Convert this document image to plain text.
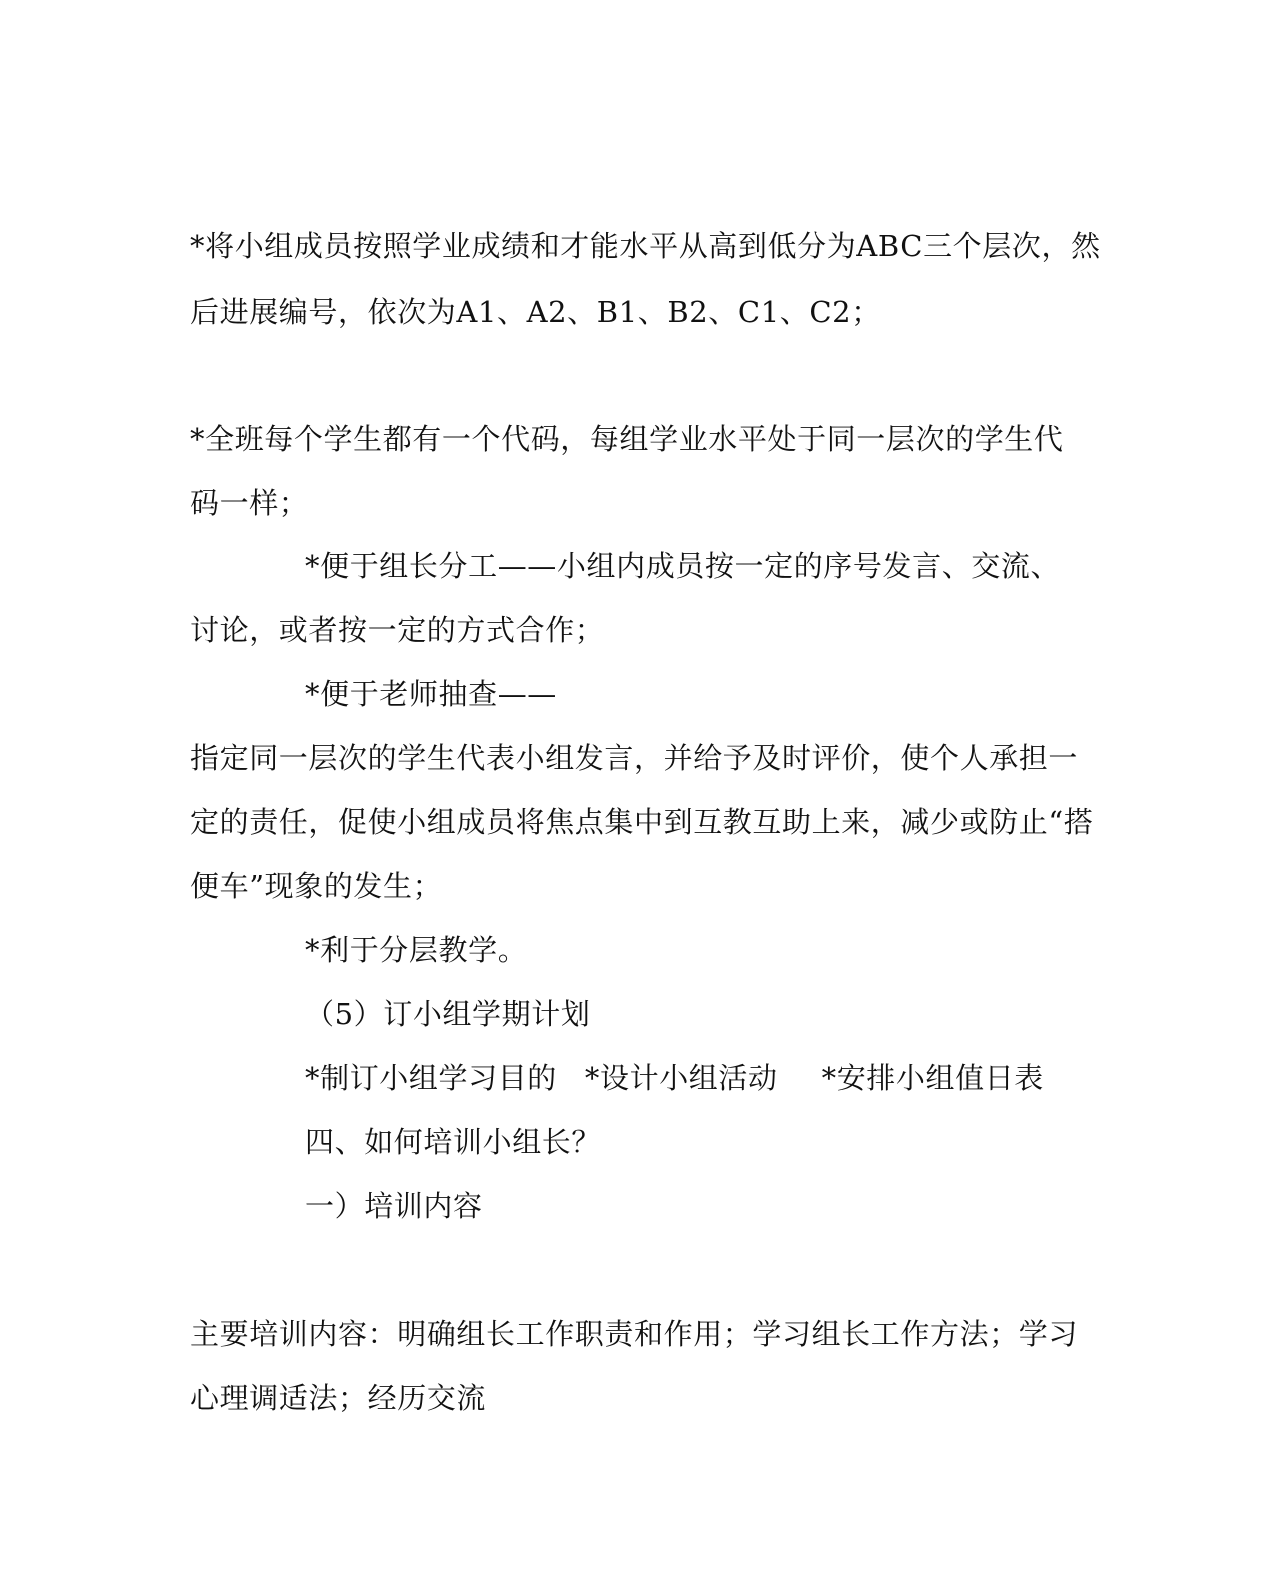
*将小组成员按照学业成绩和才能水平从高到低分为ABC三个层次，然
后进展编号，依次为A1、A2、B1、B2、C1、C2；
*全班每个学生都有一个代码，每组学业水平处于同一层次的学生代
码一样；
*便于组长分工——小组内成员按一定的序号发言、交流、
讨论，或者按一定的方式合作；
*便于老师抽查——
指定同一层次的学生代表小组发言，并给予及时评价，使个人承担一
定的责任，促使小组成员将焦点集中到互教互助上来，减少或防止“搭
便车”现象的发生；
*利于分层教学。
（5）订小组学期计划
*制订小组学习目的 *设计小组活动 *安排小组值日表
四、如何培训小组长？
一）培训内容
主要培训内容：明确组长工作职责和作用；学习组长工作方法；学习
心理调适法；经历交流
